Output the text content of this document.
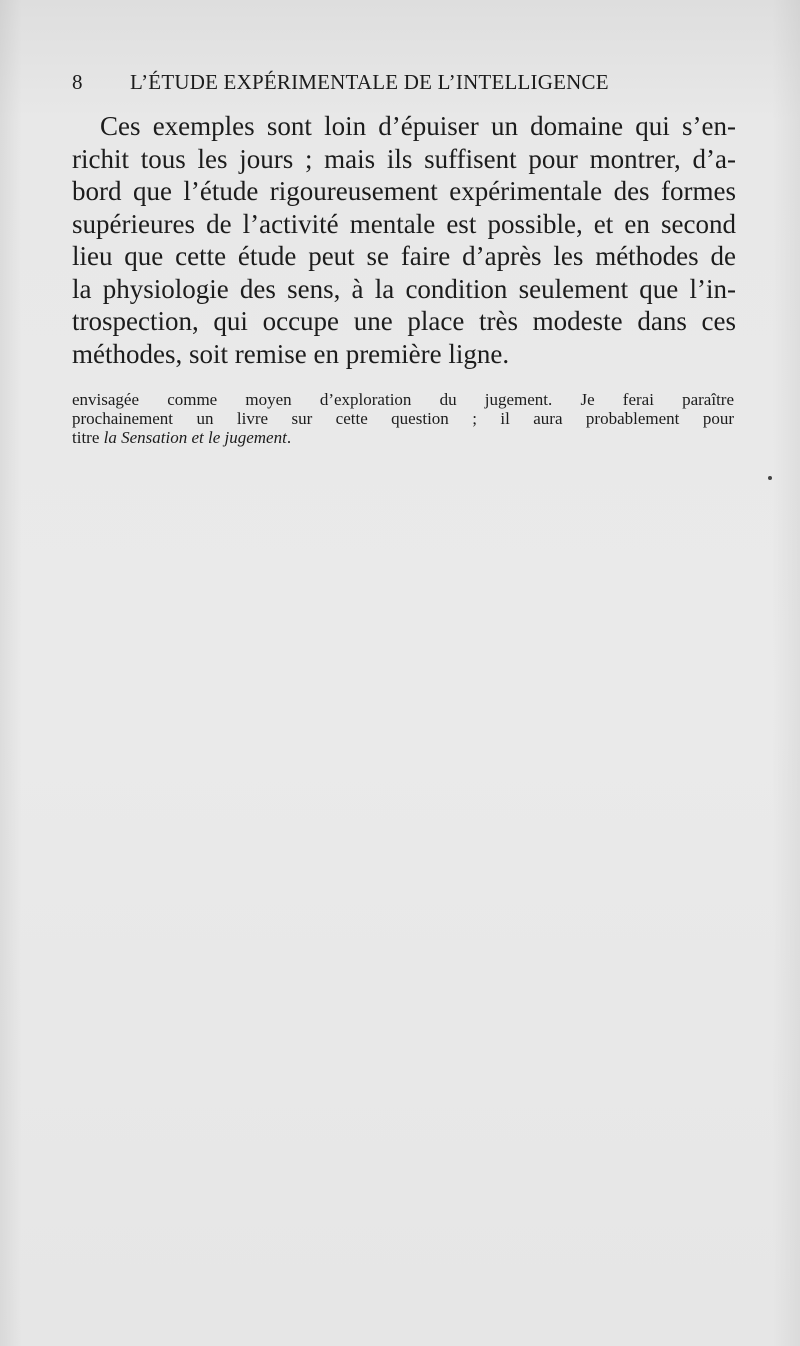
8 L’ÉTUDE EXPÉRIMENTALE DE L’INTELLIGENCE

Ces exemples sont loin d’épuiser un domaine qui s’en-
richit tous les jours ; mais ils suffisent pour montrer, d’a-
bord que l’étude rigoureusement expérimentale des formes
supérieures de l’activité mentale est possible, et en second
lieu que cette étude peut se faire d’après les méthodes de
la physiologie des sens, à la condition seulement que l’in-
trospection, qui occupe une place très modeste dans ces
méthodes, soit remise en première ligne.

envisagée comme moyen d’exploration du jugement. Je ferai paraître
prochainement un livre sur cette question ; il aura probablement pour
titre la Sensation et le jugement.
